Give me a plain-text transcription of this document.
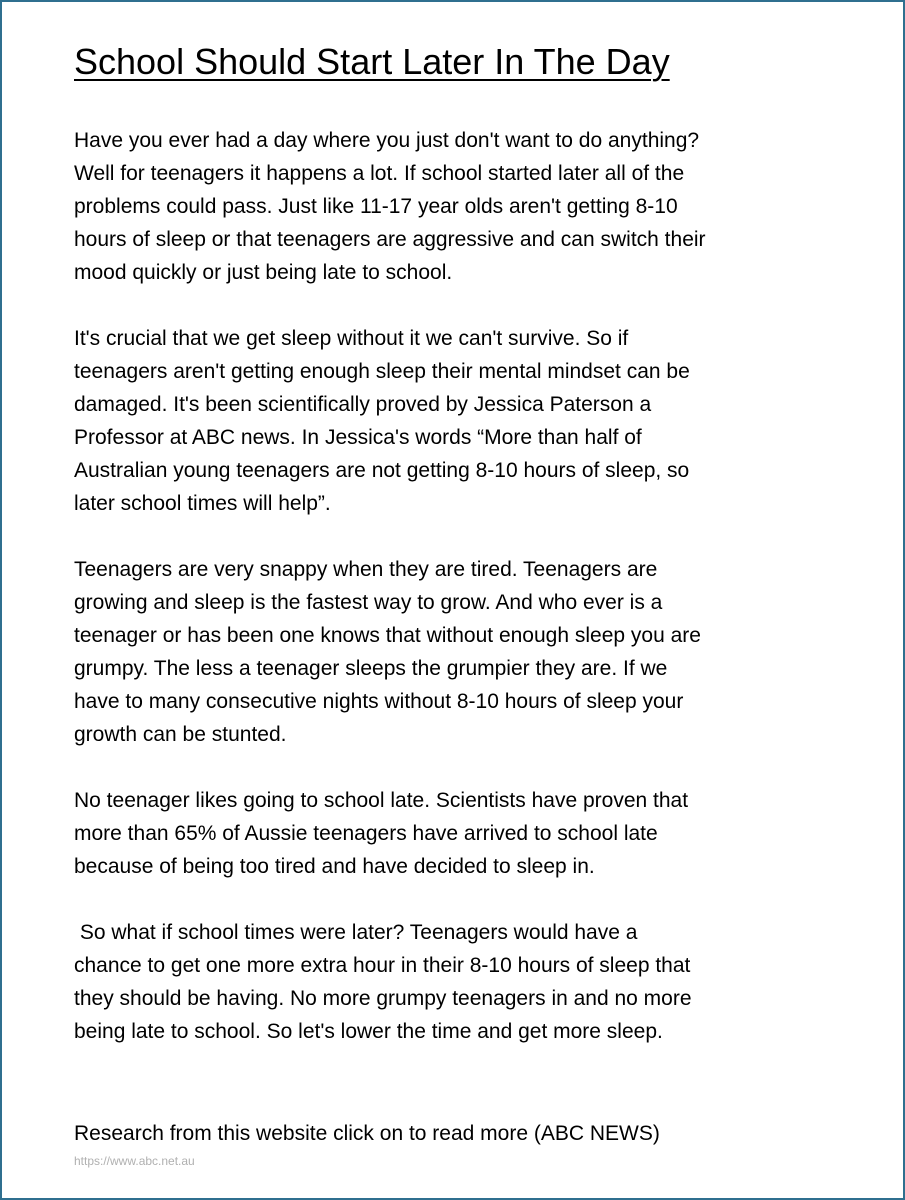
School Should Start Later In The Day

Have you ever had a day where you just don't want to do anything?
Well for teenagers it happens a lot. If school started later all of the
problems could pass. Just like 11-17 year olds aren't getting 8-10
hours of sleep or that teenagers are aggressive and can switch their
mood quickly or just being late to school.

It's crucial that we get sleep without it we can't survive. So if
teenagers aren't getting enough sleep their mental mindset can be
damaged. It's been scientifically proved by Jessica Paterson a
Professor at ABC news. In Jessica's words “More than half of
Australian young teenagers are not getting 8-10 hours of sleep, so
later school times will help”.

Teenagers are very snappy when they are tired. Teenagers are
growing and sleep is the fastest way to grow. And who ever is a
teenager or has been one knows that without enough sleep you are
grumpy. The less a teenager sleeps the grumpier they are. If we
have to many consecutive nights without 8-10 hours of sleep your
growth can be stunted.

No teenager likes going to school late. Scientists have proven that
more than 65% of Aussie teenagers have arrived to school late
because of being too tired and have decided to sleep in.

So what if school times were later? Teenagers would have a
chance to get one more extra hour in their 8-10 hours of sleep that
they should be having. No more grumpy teenagers in and no more
being late to school. So let's lower the time and get more sleep.

Research from this website click on to read more (ABC NEWS)
https://www.abc.net.au
